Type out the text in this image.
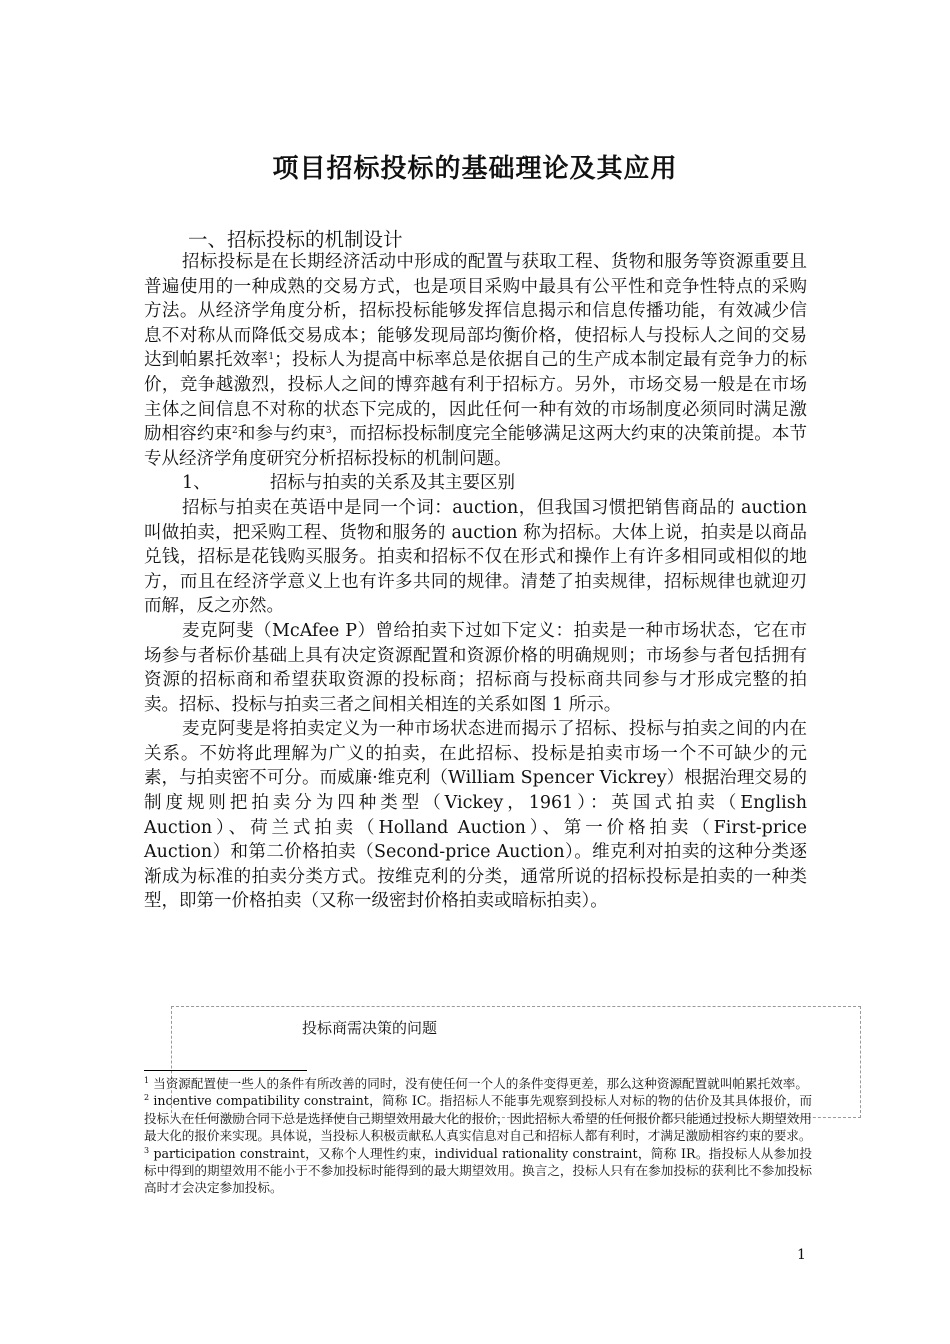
项目招标投标的基础理论及其应用
一、招标投标的机制设计

招标投标是在长期经济活动中形成的配置与获取工程、货物和服务等资源重要且普遍使用的一种成熟的交易方式，也是项目采购中最具有公平性和竞争性特点的采购方法。从经济学角度分析，招标投标能够发挥信息揭示和信息传播功能，有效减少信息不对称从而降低交易成本；能够发现局部均衡价格，使招标人与投标人之间的交易达到帕累托效率$^1$；投标人为提高中标率总是依据自己的生产成本制定最有竞争力的标价，竞争越激烈，投标人之间的博弈越有利于招标方。另外，市场交易一般是在市场主体之间信息不对称的状态下完成的，因此任何一种有效的市场制度必须同时满足激励相容约束$^2$和参与约束$^3$，而招标投标制度完全能够满足这两大约束的决策前提。本节专从经济学角度研究分析招标投标的机制问题。

1、	招标与拍卖的关系及其主要区别

招标与拍卖在英语中是同一个词：auction，但我国习惯把销售商品的 auction 叫做拍卖，把采购工程、货物和服务的 auction 称为招标。大体上说，拍卖是以商品兑钱，招标是花钱购买服务。拍卖和招标不仅在形式和操作上有许多相同或相似的地方，而且在经济学意义上也有许多共同的规律。清楚了拍卖规律，招标规律也就迎刃而解，反之亦然。

麦克阿斐（McAfee P）曾给拍卖下过如下定义：拍卖是一种市场状态，它在市场参与者标价基础上具有决定资源配置和资源价格的明确规则；市场参与者包括拥有资源的招标商和希望获取资源的投标商；招标商与投标商共同参与才形成完整的拍卖。招标、投标与拍卖三者之间相关相连的关系如图 1 所示。

麦克阿斐是将拍卖定义为一种市场状态进而揭示了招标、投标与拍卖之间的内在关系。不妨将此理解为广义的拍卖，在此招标、投标是拍卖市场一个不可缺少的元素，与拍卖密不可分。而威廉·维克利（William Spencer Vickrey）根据治理交易的制度规则把拍卖分为四种类型（Vickey，1961）：英国式拍卖（English Auction）、荷兰式拍卖（Holland Auction）、第一价格拍卖（First-price Auction）和第二价格拍卖（Second-price Auction）。维克利对拍卖的这种分类逐渐成为标准的拍卖分类方式。按维克利的分类，通常所说的招标投标是拍卖的一种类型，即第一价格拍卖（又称一级密封价格拍卖或暗标拍卖）。

投标商需决策的问题

$^1$ 当资源配置使一些人的条件有所改善的同时，没有使任何一个人的条件变得更差，那么这种资源配置就叫帕累托效率。

$^2$ incentive compatibility constraint，简称 IC。指招标人不能事先观察到投标人对标的物的估价及其具体报价，而投标人在任何激励合同下总是选择使自己期望效用最大化的报价，因此招标人希望的任何报价都只能通过投标人期望效用最大化的报价来实现。具体说，当投标人积极贡献私人真实信息对自己和招标人都有利时，才满足激励相容约束的要求。

$^3$ participation constraint，又称个人理性约束，individual rationality constraint，简称 IR。指投标人从参加投标中得到的期望效用不能小于不参加投标时能得到的最大期望效用。换言之，投标人只有在参加投标的获利比不参加投标高时才会决定参加投标。

1
